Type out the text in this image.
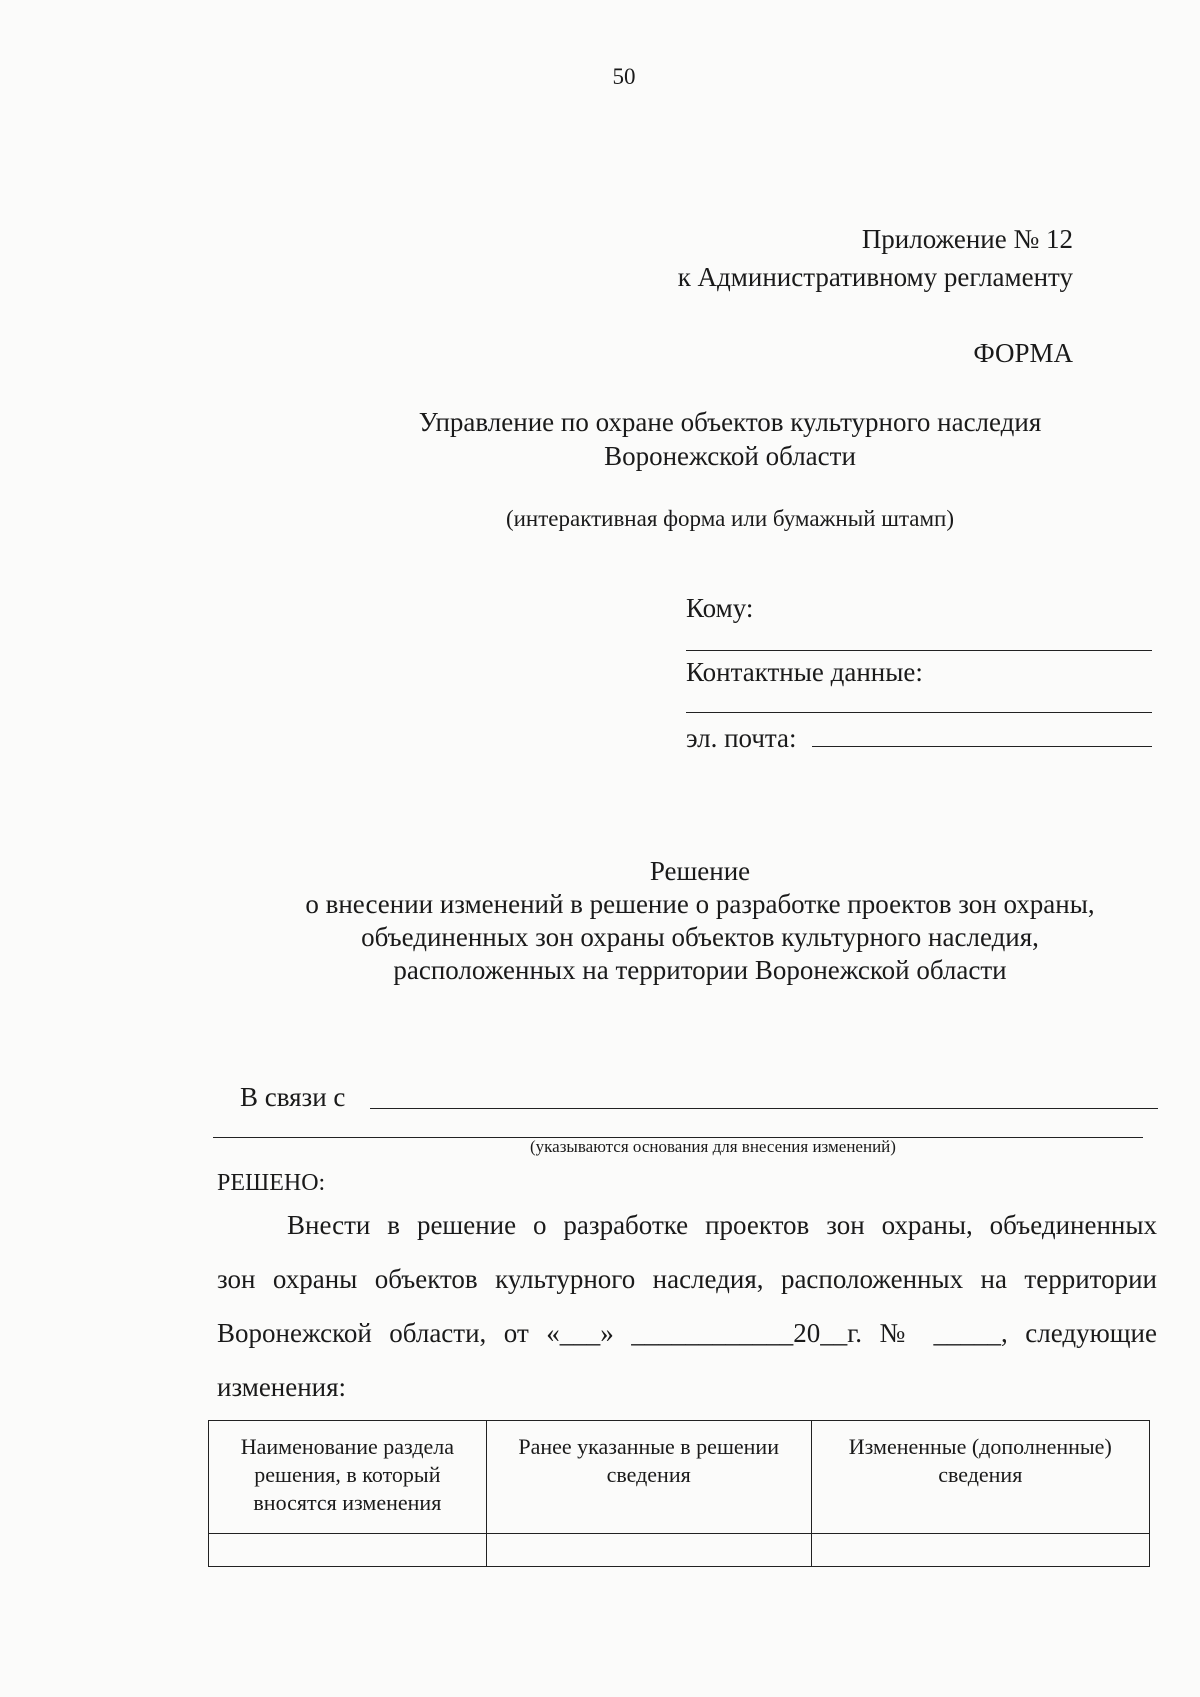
50
Приложение № 12
к Административному регламенту
ФОРМА
Управление по охране объектов культурного наследия
Воронежской области
(интерактивная форма или бумажный штамп)
Кому:
Контактные данные:
эл. почта:
Решение
о внесении изменений в решение о разработке проектов зон охраны,
объединенных зон охраны объектов культурного наследия,
расположенных на территории Воронежской области
В связи с
(указываются основания для внесения изменений)
РЕШЕНО:

Внести в решение о разработке проектов зон охраны, объединенных

зон охраны объектов культурного наследия, расположенных на территории

Воронежской области, от «___» ____________20__г. № _____, следующие

изменения:

Наименование раздела решения, в который вносятся изменения	Ранее указанные в решении сведения	Измененные (дополненные) сведения
